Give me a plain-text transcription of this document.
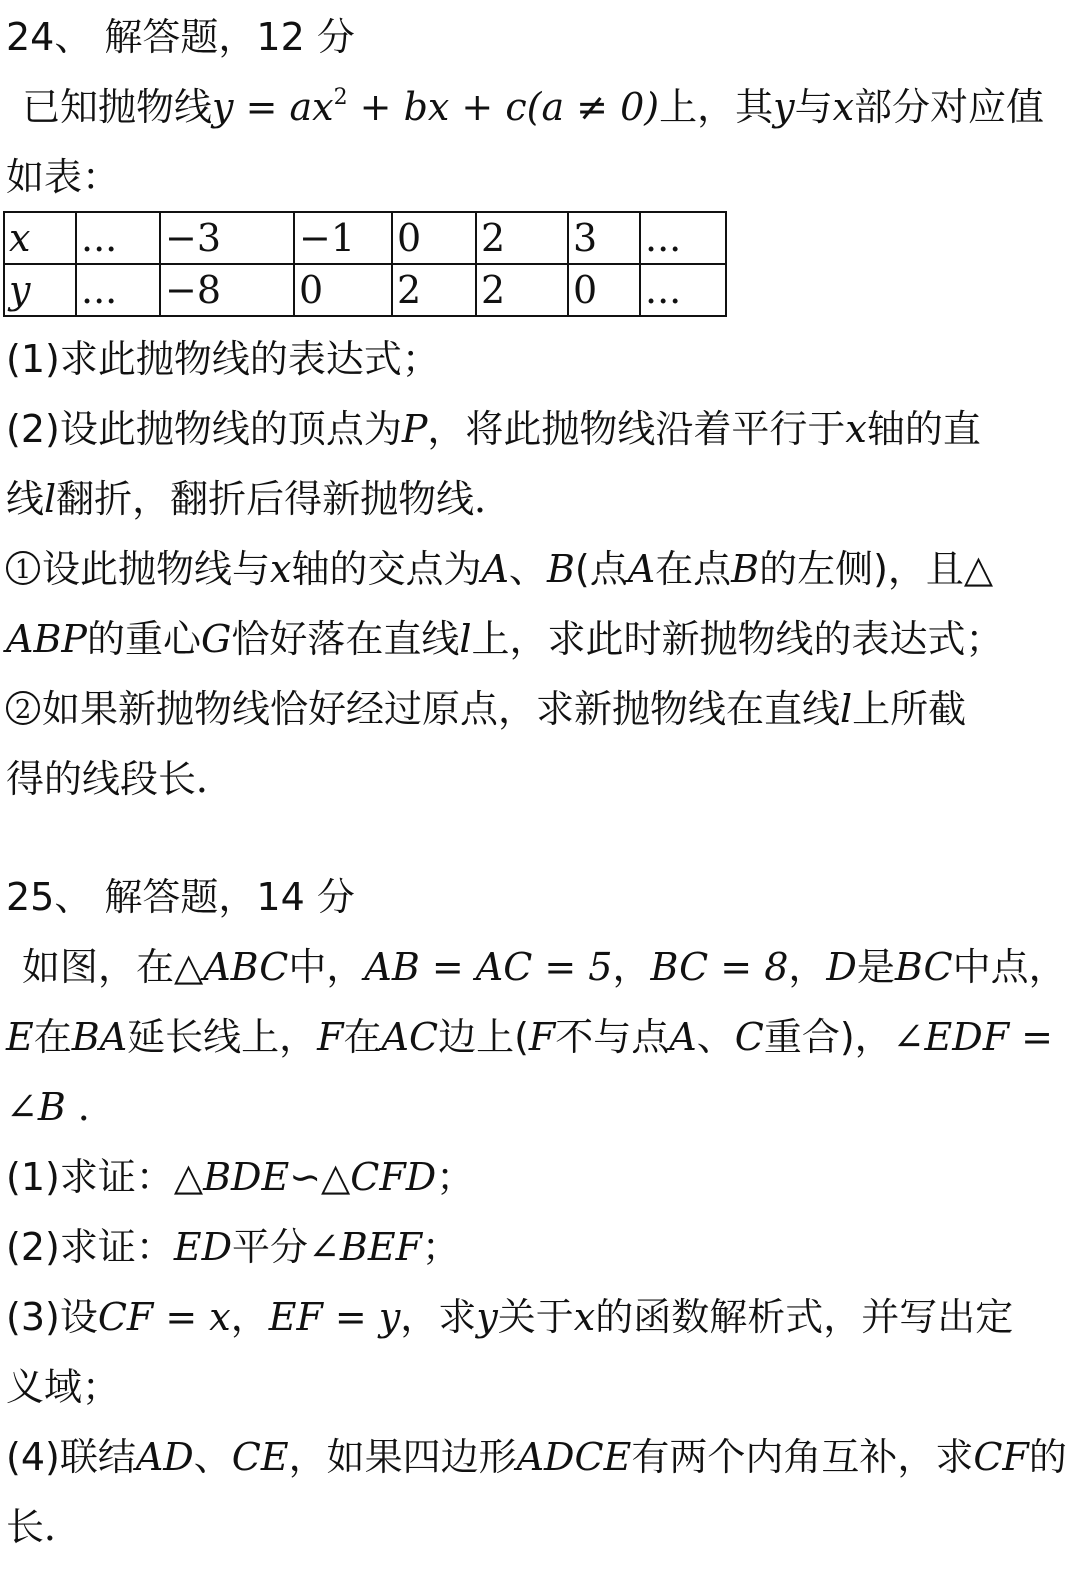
24、 解答题，12 分
已知抛物线$y = ax^2$ + bx + c(a ≠ 0)上，其y与x部分对应值
如表：
x	...	−3	−1	0	2	3	...
y	...	−8	0	2	2	0	...
(1)求此抛物线的表达式；
(2)设此抛物线的顶点为P，将此抛物线沿着平行于x轴的直
线l翻折，翻折后得新抛物线．
1 设此抛物线与x轴的交点为A、B(点A在点B的左侧)，且△
ABP的重心G恰好落在直线l上，求此时新抛物线的表达式；
2 如果新抛物线恰好经过原点，求新抛物线在直线l上所截
得的线段长．
25、 解答题，14 分
如图，在△ABC中，AB = AC = 5，BC = 8，D是BC中点，
E在BA延长线上，F在AC边上(F不与点A、C重合)，∠EDF =
∠B ．
(1)求证：△BDE∽△CFD；
(2)求证：ED平分∠BEF；
(3)设CF = x，EF = y，求y关于x的函数解析式，并写出定
义域；
(4)联结AD、CE，如果四边形ADCE有两个内角互补，求CF的
长．
